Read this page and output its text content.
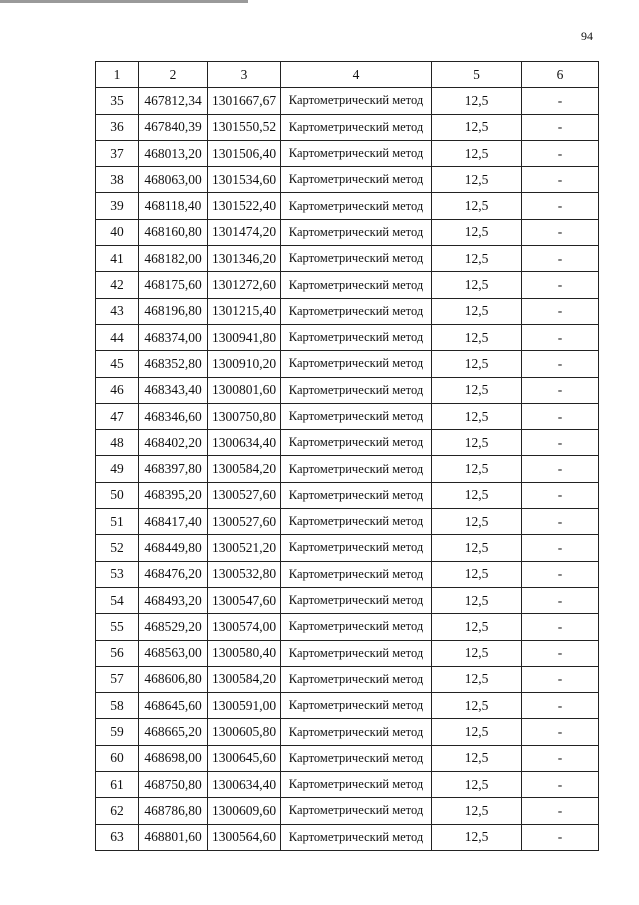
94
1	2	3	4	5	6
35	467812,34	1301667,67	Картометрический метод	12,5	-
36	467840,39	1301550,52	Картометрический метод	12,5	-
37	468013,20	1301506,40	Картометрический метод	12,5	-
38	468063,00	1301534,60	Картометрический метод	12,5	-
39	468118,40	1301522,40	Картометрический метод	12,5	-
40	468160,80	1301474,20	Картометрический метод	12,5	-
41	468182,00	1301346,20	Картометрический метод	12,5	-
42	468175,60	1301272,60	Картометрический метод	12,5	-
43	468196,80	1301215,40	Картометрический метод	12,5	-
44	468374,00	1300941,80	Картометрический метод	12,5	-
45	468352,80	1300910,20	Картометрический метод	12,5	-
46	468343,40	1300801,60	Картометрический метод	12,5	-
47	468346,60	1300750,80	Картометрический метод	12,5	-
48	468402,20	1300634,40	Картометрический метод	12,5	-
49	468397,80	1300584,20	Картометрический метод	12,5	-
50	468395,20	1300527,60	Картометрический метод	12,5	-
51	468417,40	1300527,60	Картометрический метод	12,5	-
52	468449,80	1300521,20	Картометрический метод	12,5	-
53	468476,20	1300532,80	Картометрический метод	12,5	-
54	468493,20	1300547,60	Картометрический метод	12,5	-
55	468529,20	1300574,00	Картометрический метод	12,5	-
56	468563,00	1300580,40	Картометрический метод	12,5	-
57	468606,80	1300584,20	Картометрический метод	12,5	-
58	468645,60	1300591,00	Картометрический метод	12,5	-
59	468665,20	1300605,80	Картометрический метод	12,5	-
60	468698,00	1300645,60	Картометрический метод	12,5	-
61	468750,80	1300634,40	Картометрический метод	12,5	-
62	468786,80	1300609,60	Картометрический метод	12,5	-
63	468801,60	1300564,60	Картометрический метод	12,5	-
